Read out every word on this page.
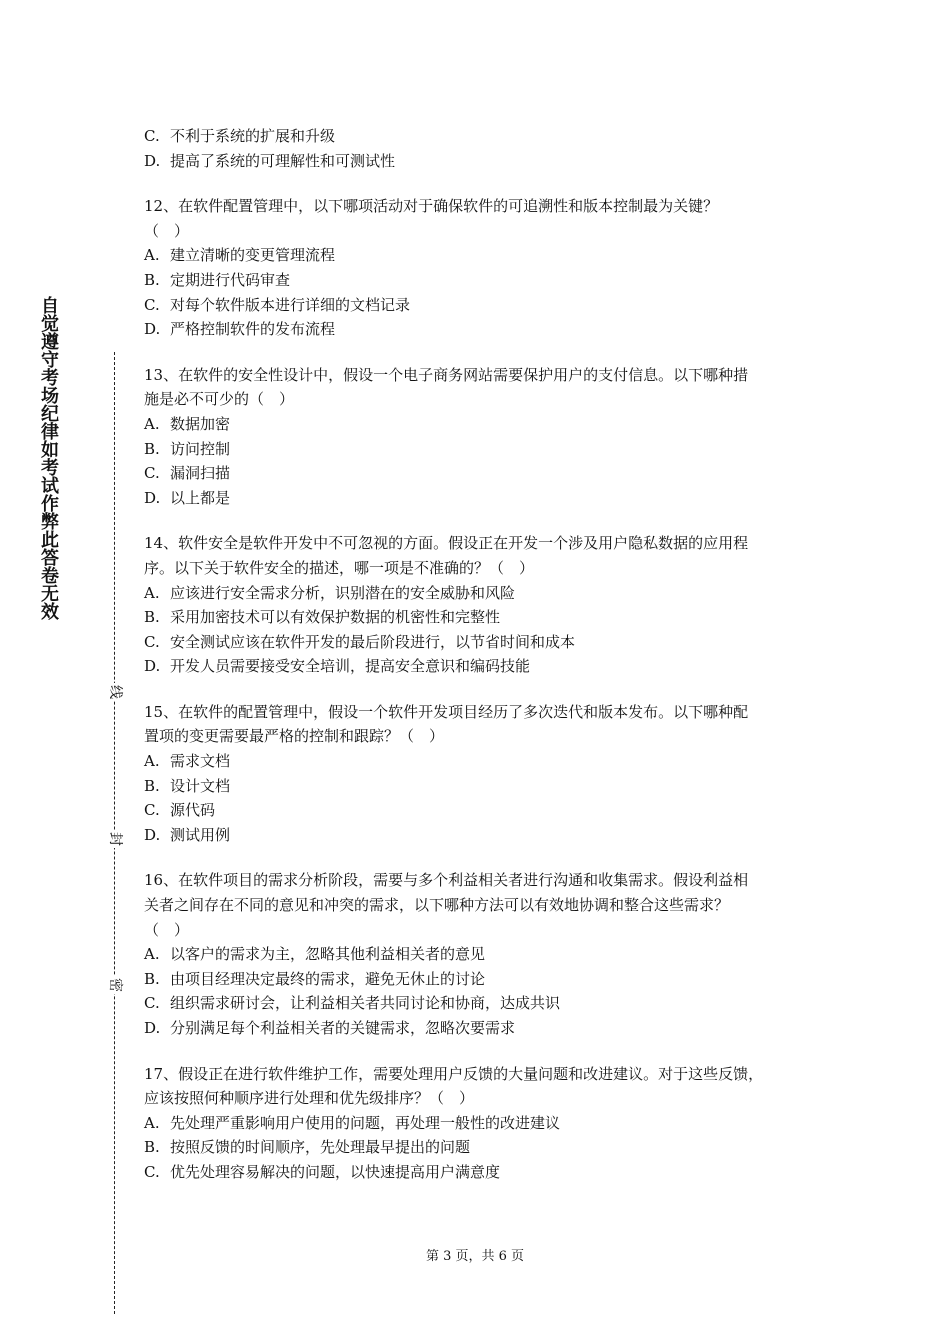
自觉遵守考场纪律如考试作弊此答卷无效
线
封
密

C. 不利于系统的扩展和升级

D. 提高了系统的可理解性和可测试性

12、在软件配置管理中，以下哪项活动对于确保软件的可追溯性和版本控制最为关键？

（　）

A. 建立清晰的变更管理流程

B. 定期进行代码审查

C. 对每个软件版本进行详细的文档记录

D. 严格控制软件的发布流程

13、在软件的安全性设计中，假设一个电子商务网站需要保护用户的支付信息。以下哪种措

施是必不可少的（　）

A. 数据加密

B. 访问控制

C. 漏洞扫描

D. 以上都是

14、软件安全是软件开发中不可忽视的方面。假设正在开发一个涉及用户隐私数据的应用程

序。以下关于软件安全的描述，哪一项是不准确的？（　）

A. 应该进行安全需求分析，识别潜在的安全威胁和风险

B. 采用加密技术可以有效保护数据的机密性和完整性

C. 安全测试应该在软件开发的最后阶段进行，以节省时间和成本

D. 开发人员需要接受安全培训，提高安全意识和编码技能

15、在软件的配置管理中，假设一个软件开发项目经历了多次迭代和版本发布。以下哪种配

置项的变更需要最严格的控制和跟踪？（　）

A. 需求文档

B. 设计文档

C. 源代码

D. 测试用例

16、在软件项目的需求分析阶段，需要与多个利益相关者进行沟通和收集需求。假设利益相

关者之间存在不同的意见和冲突的需求，以下哪种方法可以有效地协调和整合这些需求？

（　）

A. 以客户的需求为主，忽略其他利益相关者的意见

B. 由项目经理决定最终的需求，避免无休止的讨论

C. 组织需求研讨会，让利益相关者共同讨论和协商，达成共识

D. 分别满足每个利益相关者的关键需求，忽略次要需求

17、假设正在进行软件维护工作，需要处理用户反馈的大量问题和改进建议。对于这些反馈，

应该按照何种顺序进行处理和优先级排序？（　）

A. 先处理严重影响用户使用的问题，再处理一般性的改进建议

B. 按照反馈的时间顺序，先处理最早提出的问题

C. 优先处理容易解决的问题，以快速提高用户满意度

第 3 页，共 6 页
